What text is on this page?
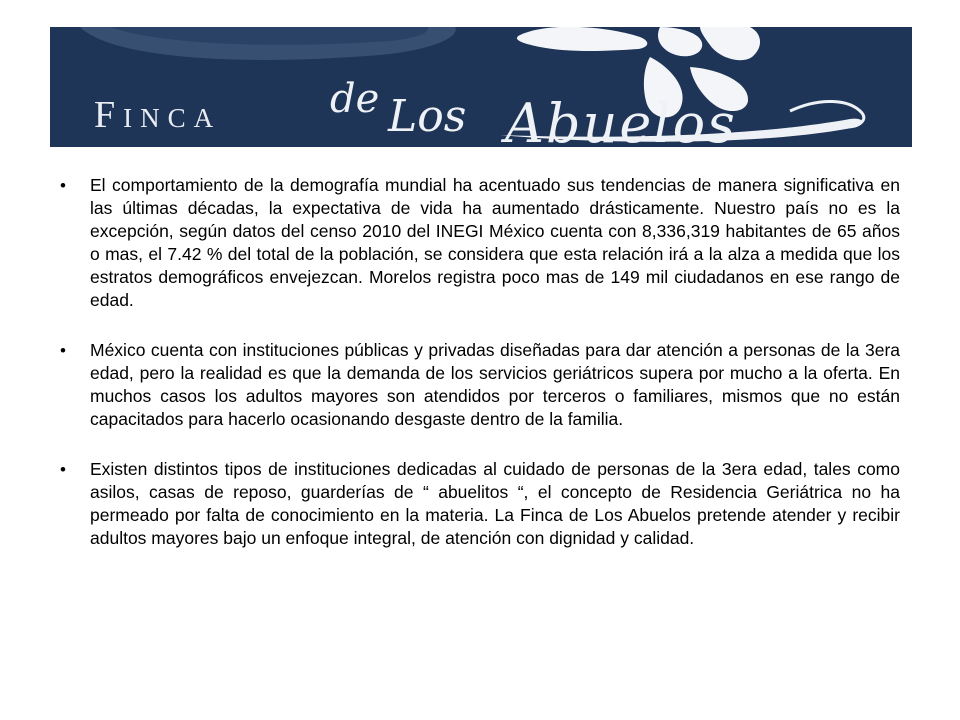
Finca	de Los Abuelos
• El comportamiento de la demografía mundial ha acentuado sus tendencias de manera significativa en las últimas décadas, la expectativa de vida ha aumentado drásticamente. Nuestro país no es la excepción, según datos del censo 2010 del INEGI México cuenta con 8,336,319 habitantes de 65 años o mas, el 7.42 % del total de la población, se considera que esta relación irá a la alza a medida que los estratos demográficos envejezcan. Morelos registra poco mas de 149 mil ciudadanos en ese rango de edad.
• México cuenta con instituciones públicas y privadas diseñadas para dar atención a personas de la 3era edad, pero la realidad es que la demanda de los servicios geriátricos supera por mucho a la oferta. En muchos casos los adultos mayores son atendidos por terceros o familiares, mismos que no están capacitados para hacerlo ocasionando desgaste dentro de la familia.
• Existen distintos tipos de instituciones dedicadas al cuidado de personas de la 3era edad, tales como asilos, casas de reposo, guarderías de “ abuelitos “, el concepto de Residencia Geriátrica no ha permeado por falta de conocimiento en la materia. La Finca de Los Abuelos pretende atender y recibir adultos mayores bajo un enfoque integral, de atención con dignidad y calidad.
